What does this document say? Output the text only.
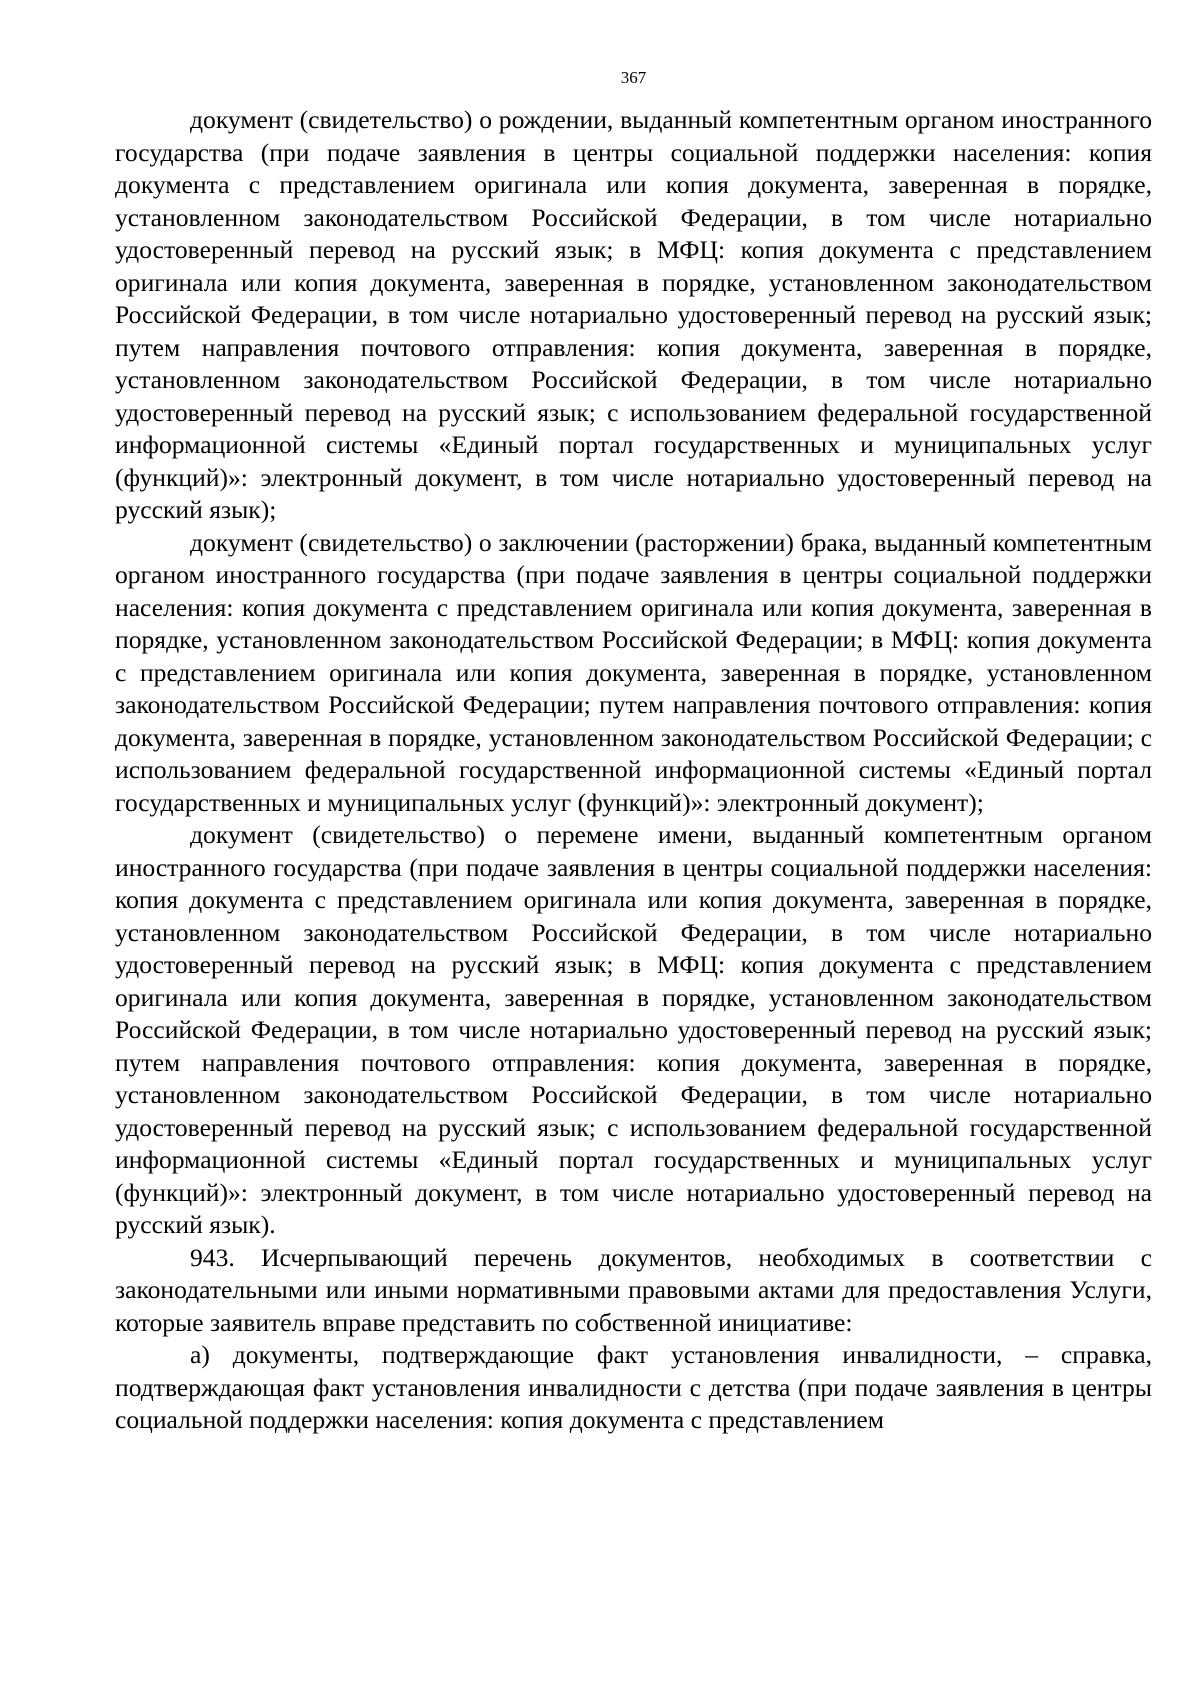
367

документ (свидетельство) о рождении, выданный компетентным органом иностранного государства (при подаче заявления в центры социальной поддержки населения: копия документа с представлением оригинала или копия документа, заверенная в порядке, установленном законодательством Российской Федерации, в том числе нотариально удостоверенный перевод на русский язык; в МФЦ: копия документа с представлением оригинала или копия документа, заверенная в порядке, установленном законодательством Российской Федерации, в том числе нотариально удостоверенный перевод на русский язык; путем направления почтового отправления: копия документа, заверенная в порядке, установленном законодательством Российской Федерации, в том числе нотариально удостоверенный перевод на русский язык; с использованием федеральной государственной информационной системы «Единый портал государственных и муниципальных услуг (функций)»: электронный документ, в том числе нотариально удостоверенный перевод на русский язык);

документ (свидетельство) о заключении (расторжении) брака, выданный компетентным органом иностранного государства (при подаче заявления в центры социальной поддержки населения: копия документа с представлением оригинала или копия документа, заверенная в порядке, установленном законодательством Российской Федерации; в МФЦ: копия документа с представлением оригинала или копия документа, заверенная в порядке, установленном законодательством Российской Федерации; путем направления почтового отправления: копия документа, заверенная в порядке, установленном законодательством Российской Федерации; с использованием федеральной государственной информационной системы «Единый портал государственных и муниципальных услуг (функций)»: электронный документ);

документ (свидетельство) о перемене имени, выданный компетентным органом иностранного государства (при подаче заявления в центры социальной поддержки населения: копия документа с представлением оригинала или копия документа, заверенная в порядке, установленном законодательством Российской Федерации, в том числе нотариально удостоверенный перевод на русский язык; в МФЦ: копия документа с представлением оригинала или копия документа, заверенная в порядке, установленном законодательством Российской Федерации, в том числе нотариально удостоверенный перевод на русский язык; путем направления почтового отправления: копия документа, заверенная в порядке, установленном законодательством Российской Федерации, в том числе нотариально удостоверенный перевод на русский язык; с использованием федеральной государственной информационной системы «Единый портал государственных и муниципальных услуг (функций)»: электронный документ, в том числе нотариально удостоверенный перевод на русский язык).

943. Исчерпывающий перечень документов, необходимых в соответствии с законодательными или иными нормативными правовыми актами для предоставления Услуги, которые заявитель вправе представить по собственной инициативе:

а) документы, подтверждающие факт установления инвалидности, – справка, подтверждающая факт установления инвалидности с детства (при подаче заявления в центры социальной поддержки населения: копия документа с представлением
